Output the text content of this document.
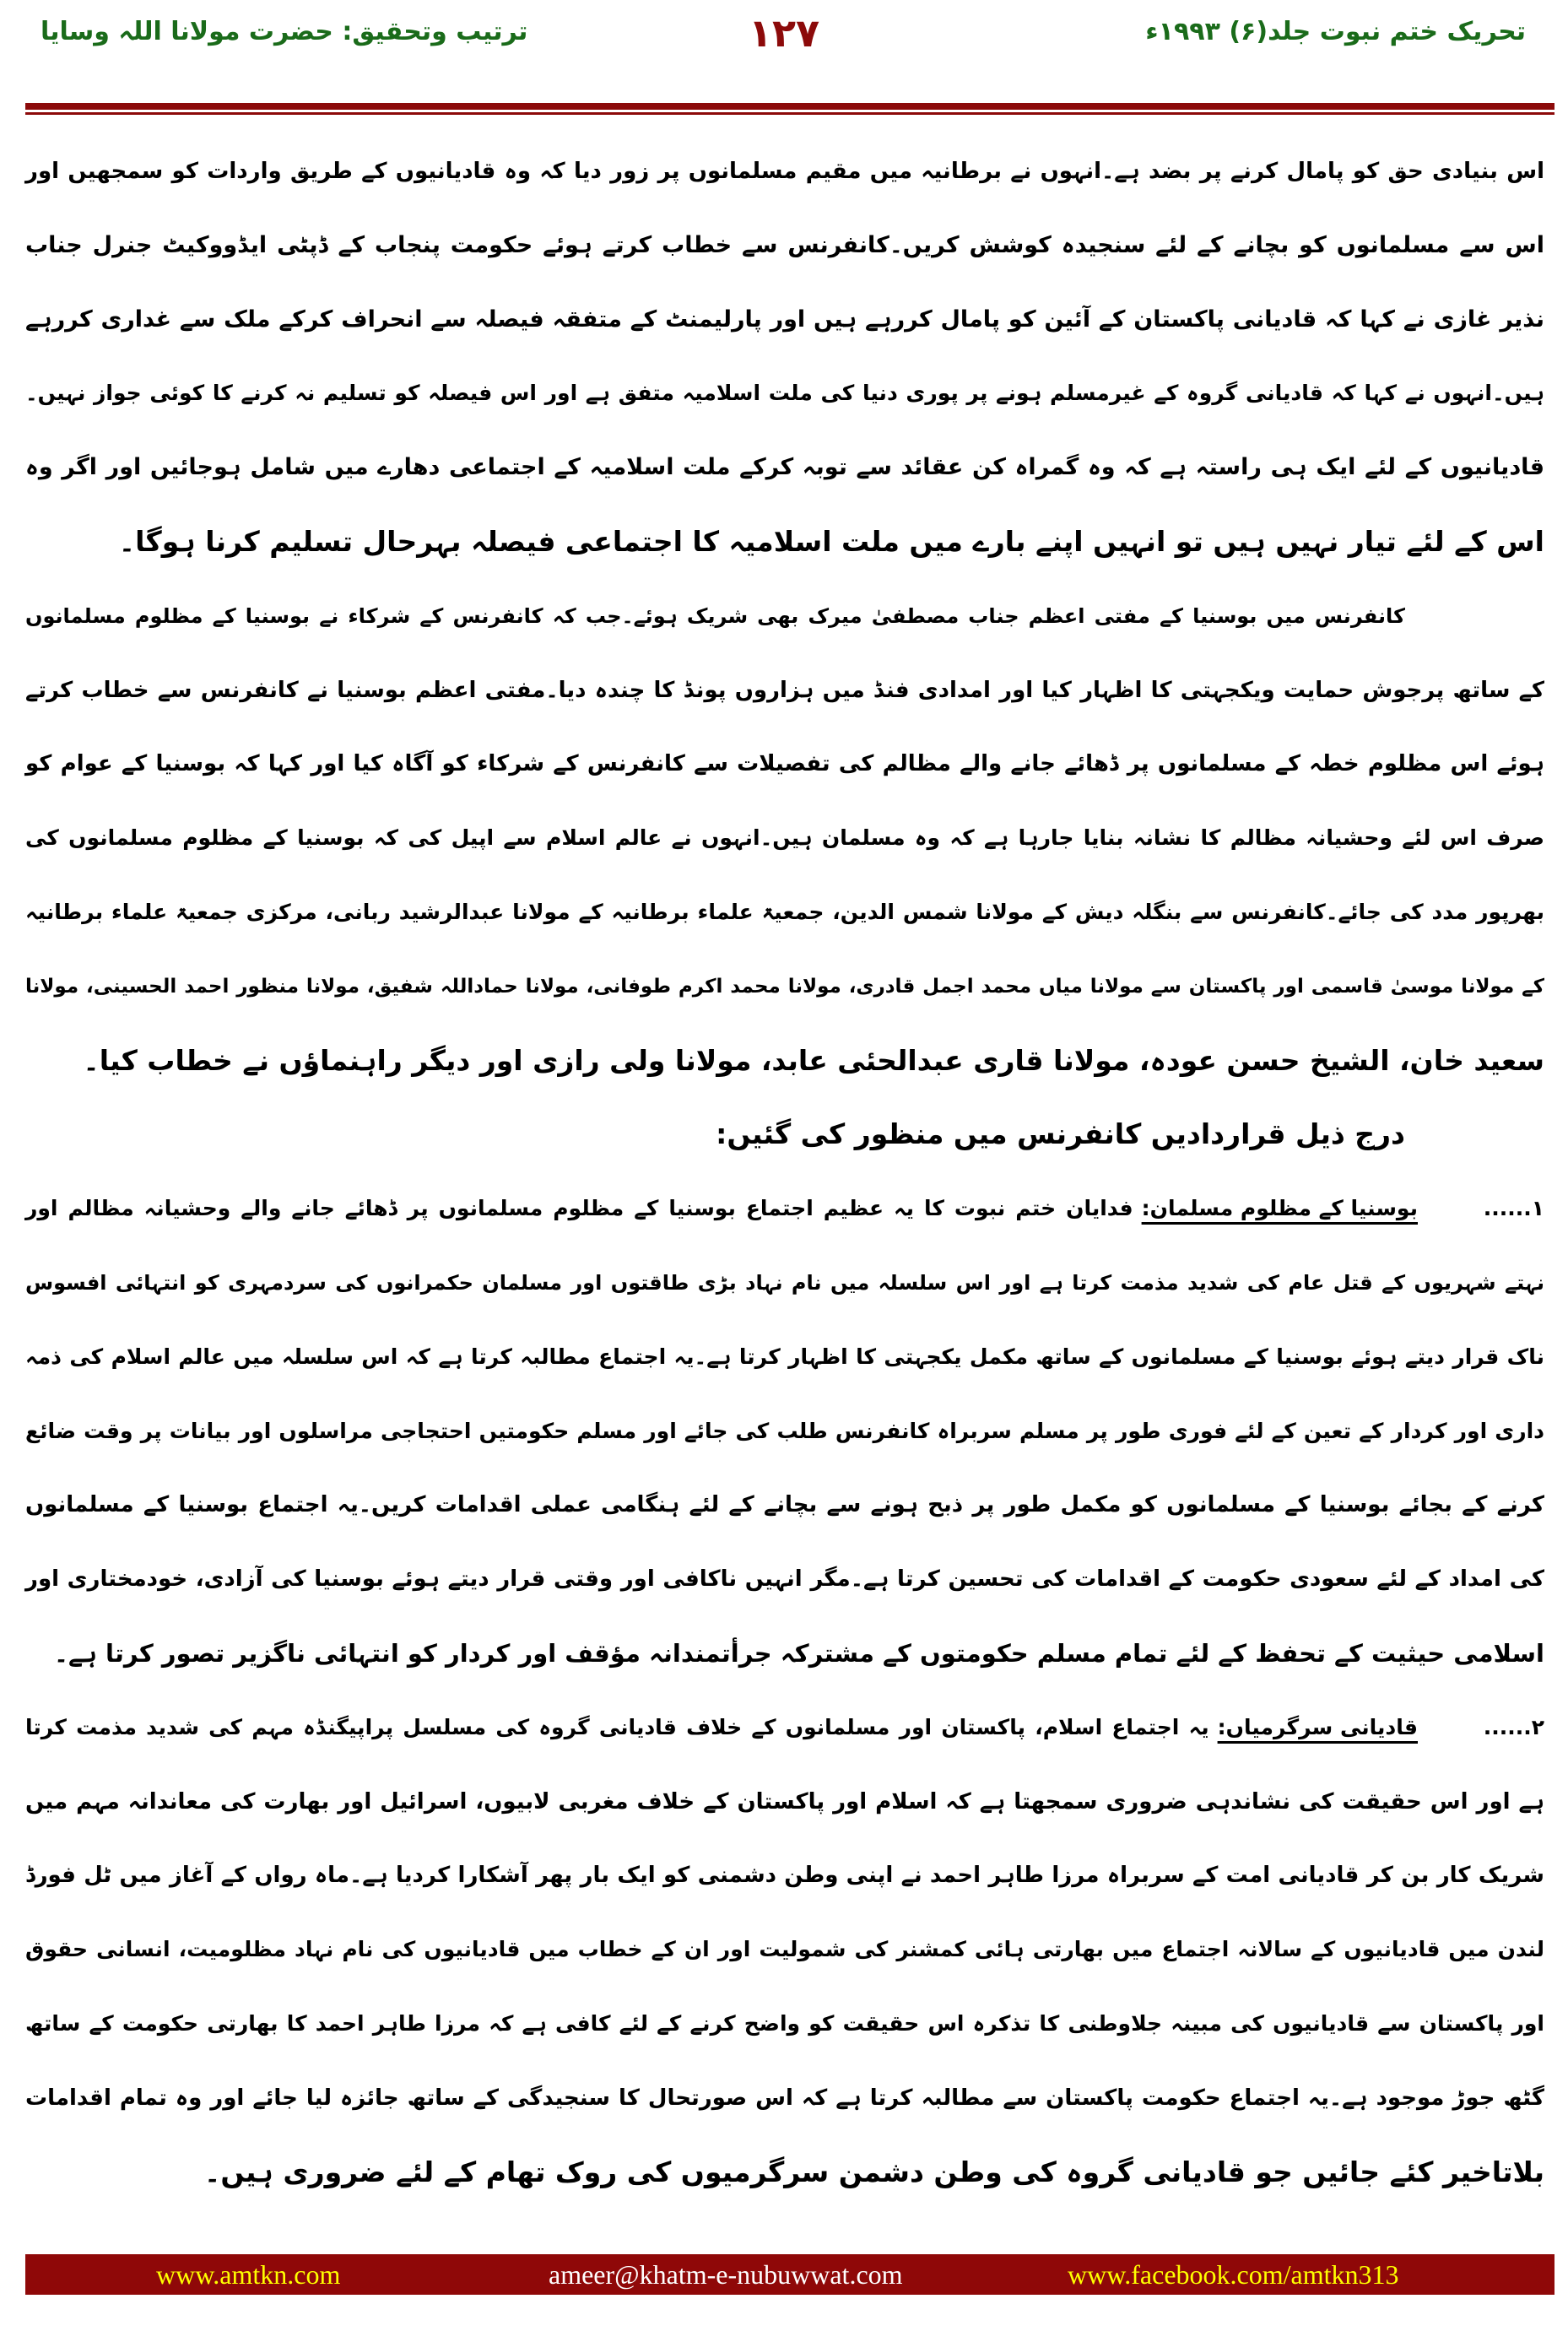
ترتیب وتحقیق: حضرت مولانا اللہ وسایا	۱۲۷	تحریک ختم نبوت جلد(۶) ۱۹۹۳ء
اس بنیادی حق کو پامال کرنے پر بضد ہے۔انہوں نے برطانیہ میں مقیم مسلمانوں پر زور دیا کہ وہ قادیانیوں کے طریق واردات کو سمجھیں اور
اس سے مسلمانوں کو بچانے کے لئے سنجیدہ کوشش کریں۔کانفرنس سے خطاب کرتے ہوئے حکومت پنجاب کے ڈپٹی ایڈووکیٹ جنرل جناب
نذیر غازی نے کہا کہ قادیانی پاکستان کے آئین کو پامال کررہے ہیں اور پارلیمنٹ کے متفقہ فیصلہ سے انحراف کرکے ملک سے غداری کررہے
ہیں۔انہوں نے کہا کہ قادیانی گروہ کے غیرمسلم ہونے پر پوری دنیا کی ملت اسلامیہ متفق ہے اور اس فیصلہ کو تسلیم نہ کرنے کا کوئی جواز نہیں۔
قادیانیوں کے لئے ایک ہی راستہ ہے کہ وہ گمراہ کن عقائد سے توبہ کرکے ملت اسلامیہ کے اجتماعی دھارے میں شامل ہوجائیں اور اگر وہ
اس کے لئے تیار نہیں ہیں تو انہیں اپنے بارے میں ملت اسلامیہ کا اجتماعی فیصلہ بہرحال تسلیم کرنا ہوگا۔
کانفرنس میں بوسنیا کے مفتی اعظم جناب مصطفیٰ میرک بھی شریک ہوئے۔جب کہ کانفرنس کے شرکاء نے بوسنیا کے مظلوم مسلمانوں
کے ساتھ پرجوش حمایت ویکجہتی کا اظہار کیا اور امدادی فنڈ میں ہزاروں پونڈ کا چندہ دیا۔مفتی اعظم بوسنیا نے کانفرنس سے خطاب کرتے
ہوئے اس مظلوم خطہ کے مسلمانوں پر ڈھائے جانے والے مظالم کی تفصیلات سے کانفرنس کے شرکاء کو آگاہ کیا اور کہا کہ بوسنیا کے عوام کو
صرف اس لئے وحشیانہ مظالم کا نشانہ بنایا جارہا ہے کہ وہ مسلمان ہیں۔انہوں نے عالم اسلام سے اپیل کی کہ بوسنیا کے مظلوم مسلمانوں کی
بھرپور مدد کی جائے۔کانفرنس سے بنگلہ دیش کے مولانا شمس الدین، جمعیۃ علماء برطانیہ کے مولانا عبدالرشید ربانی، مرکزی جمعیۃ علماء برطانیہ
کے مولانا موسیٰ قاسمی اور پاکستان سے مولانا میاں محمد اجمل قادری، مولانا محمد اکرم طوفانی، مولانا حماداللہ شفیق، مولانا منظور احمد الحسینی، مولانا
سعید خان، الشیخ حسن عودہ، مولانا قاری عبدالحئی عابد، مولانا ولی رازی اور دیگر راہنماؤں نے خطاب کیا۔
درج ذیل قراردادیں کانفرنس میں منظور کی گئیں:
۱......
بوسنیا کے مظلوم مسلمان:
فدایان ختم نبوت کا یہ عظیم اجتماع بوسنیا کے مظلوم مسلمانوں پر ڈھائے جانے والے وحشیانہ مظالم اور
نہتے شہریوں کے قتل عام کی شدید مذمت کرتا ہے اور اس سلسلہ میں نام نہاد بڑی طاقتوں اور مسلمان حکمرانوں کی سردمہری کو انتہائی افسوس
ناک قرار دیتے ہوئے بوسنیا کے مسلمانوں کے ساتھ مکمل یکجہتی کا اظہار کرتا ہے۔یہ اجتماع مطالبہ کرتا ہے کہ اس سلسلہ میں عالم اسلام کی ذمہ
داری اور کردار کے تعین کے لئے فوری طور پر مسلم سربراہ کانفرنس طلب کی جائے اور مسلم حکومتیں احتجاجی مراسلوں اور بیانات پر وقت ضائع
کرنے کے بجائے بوسنیا کے مسلمانوں کو مکمل طور پر ذبح ہونے سے بچانے کے لئے ہنگامی عملی اقدامات کریں۔یہ اجتماع بوسنیا کے مسلمانوں
کی امداد کے لئے سعودی حکومت کے اقدامات کی تحسین کرتا ہے۔مگر انہیں ناکافی اور وقتی قرار دیتے ہوئے بوسنیا کی آزادی، خودمختاری اور
اسلامی حیثیت کے تحفظ کے لئے تمام مسلم حکومتوں کے مشترکہ جرأتمندانہ مؤقف اور کردار کو انتہائی ناگزیر تصور کرتا ہے۔
۲......
قادیانی سرگرمیاں:
یہ اجتماع اسلام، پاکستان اور مسلمانوں کے خلاف قادیانی گروہ کی مسلسل پراپیگنڈہ مہم کی شدید مذمت کرتا
ہے اور اس حقیقت کی نشاندہی ضروری سمجھتا ہے کہ اسلام اور پاکستان کے خلاف مغربی لابیوں، اسرائیل اور بھارت کی معاندانہ مہم میں
شریک کار بن کر قادیانی امت کے سربراہ مرزا طاہر احمد نے اپنی وطن دشمنی کو ایک بار پھر آشکارا کردیا ہے۔ماہ رواں کے آغاز میں ٹل فورڈ
لندن میں قادیانیوں کے سالانہ اجتماع میں بھارتی ہائی کمشنر کی شمولیت اور ان کے خطاب میں قادیانیوں کی نام نہاد مظلومیت، انسانی حقوق
اور پاکستان سے قادیانیوں کی مبینہ جلاوطنی کا تذکرہ اس حقیقت کو واضح کرنے کے لئے کافی ہے کہ مرزا طاہر احمد کا بھارتی حکومت کے ساتھ
گٹھ جوڑ موجود ہے۔یہ اجتماع حکومت پاکستان سے مطالبہ کرتا ہے کہ اس صورتحال کا سنجیدگی کے ساتھ جائزہ لیا جائے اور وہ تمام اقدامات
بلاتاخیر کئے جائیں جو قادیانی گروہ کی وطن دشمن سرگرمیوں کی روک تھام کے لئے ضروری ہیں۔
www.amtkn.com	ameer@khatm-e-nubuwwat.com	www.facebook.com/amtkn313
